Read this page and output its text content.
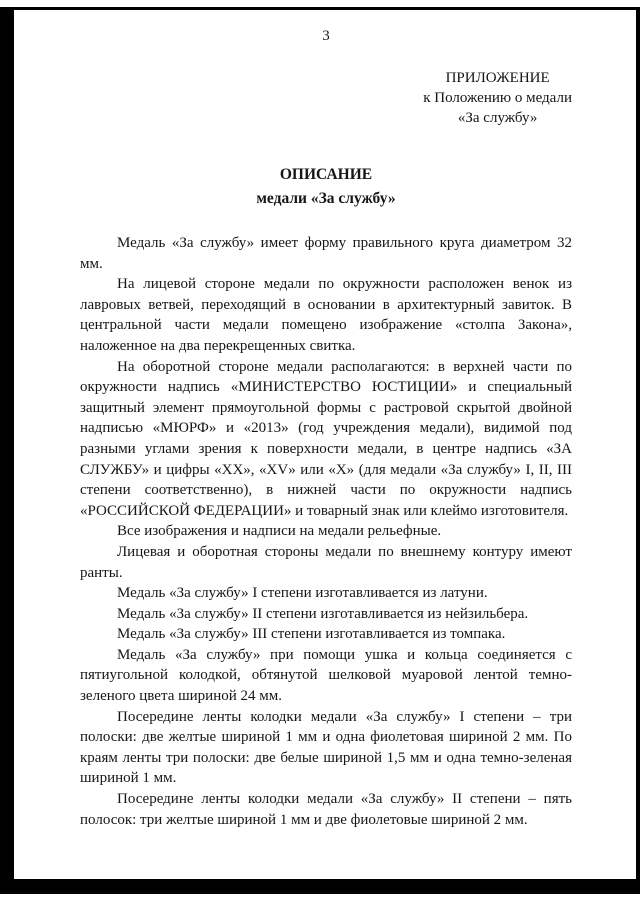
3
ПРИЛОЖЕНИЕ
к Положению о медали
«За службу»
ОПИСАНИЕ
медали «За службу»

Медаль «За службу» имеет форму правильного круга диаметром 32 мм.

На лицевой стороне медали по окружности расположен венок из лавровых ветвей, переходящий в основании в архитектурный завиток. В центральной части медали помещено изображение «столпа Закона», наложенное на два перекрещенных свитка.

На оборотной стороне медали располагаются: в верхней части по окружности надпись «МИНИСТЕРСТВО ЮСТИЦИИ» и специальный защитный элемент прямоугольной формы с растровой скрытой двойной надписью «МЮРФ» и «2013» (год учреждения медали), видимой под разными углами зрения к поверхности медали, в центре надпись «ЗА СЛУЖБУ» и цифры «XX», «XV» или «X» (для медали «За службу» I, II, III степени соответственно), в нижней части по окружности надпись «РОССИЙСКОЙ ФЕДЕРАЦИИ» и товарный знак или клеймо изготовителя.

Все изображения и надписи на медали рельефные.

Лицевая и оборотная стороны медали по внешнему контуру имеют ранты.

Медаль «За службу» I степени изготавливается из латуни.

Медаль «За службу» II степени изготавливается из нейзильбера.

Медаль «За службу» III степени изготавливается из томпака.

Медаль «За службу» при помощи ушка и кольца соединяется с пятиугольной колодкой, обтянутой шелковой муаровой лентой темно-зеленого цвета шириной 24 мм.

Посередине ленты колодки медали «За службу» I степени – три полоски: две желтые шириной 1 мм и одна фиолетовая шириной 2 мм. По краям ленты три полоски: две белые шириной 1,5 мм и одна темно-зеленая шириной 1 мм.

Посередине ленты колодки медали «За службу» II степени – пять полосок: три желтые шириной 1 мм и две фиолетовые шириной 2 мм.
